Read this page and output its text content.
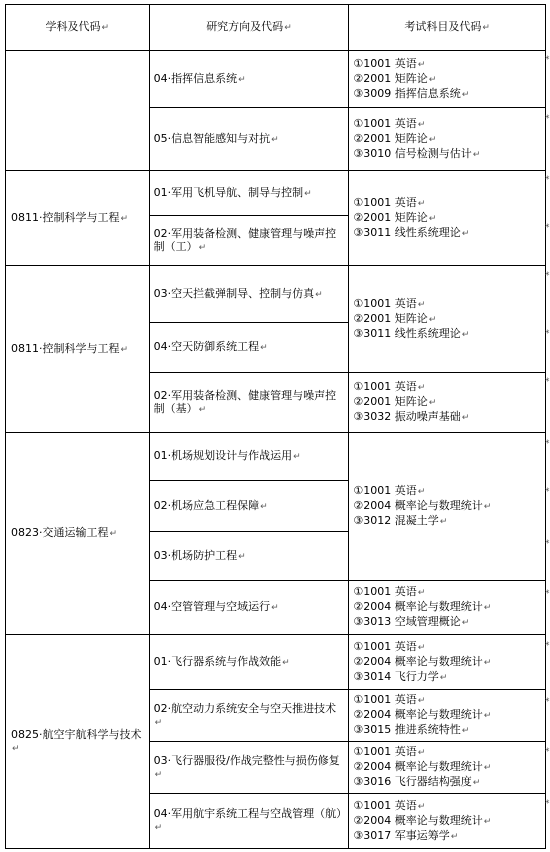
学科及代码↵	研究方向及代码↵	考试科目及代码↵
	04·指挥信息系统↵	①1001 英语↵
②2001 矩阵论↵
③3009 指挥信息系统↵

	05·信息智能感知与对抗↵	①1001 英语↵
②2001 矩阵论↵
③3010 信号检测与估计↵

0811·控制科学与工程↵	01·军用飞机导航、制导与控制↵	①1001 英语↵
②2001 矩阵论↵
③3011 线性系统理论↵

	02·军用装备检测、健康管理与噪声控制（工）↵	
0811·控制科学与工程↵	03·空天拦截弹制导、控制与仿真↵	①1001 英语↵
②2001 矩阵论↵
③3011 线性系统理论↵

	04·空天防御系统工程↵	
	02·军用装备检测、健康管理与噪声控制（基）↵	①1001 英语↵
②2001 矩阵论↵
③3032 振动噪声基础↵

0823·交通运输工程↵	01·机场规划设计与作战运用↵	①1001 英语↵
②2004 概率论与数理统计↵
③3012 混凝土学↵

	02·机场应急工程保障↵	
	03·机场防护工程↵	
	04·空管管理与空域运行↵	①1001 英语↵
②2004 概率论与数理统计↵
③3013 空域管理概论↵

0825·航空宇航科学与技术↵	01·飞行器系统与作战效能↵	①1001 英语↵
②2004 概率论与数理统计↵
③3014 飞行力学↵

	02·航空动力系统安全与空天推进技术↵	①1001 英语↵
②2004 概率论与数理统计↵
③3015 推进系统特性↵

	03·飞行器服役/作战完整性与损伤修复↵	①1001 英语↵
②2004 概率论与数理统计↵
③3016 飞行器结构强度↵

	04·军用航宇系统工程与空战管理（航）↵	①1001 英语↵
②2004 概率论与数理统计↵
③3017 军事运筹学↵
*
*
*
*
*
*
*
*
*
*
*
*
*
*
*
